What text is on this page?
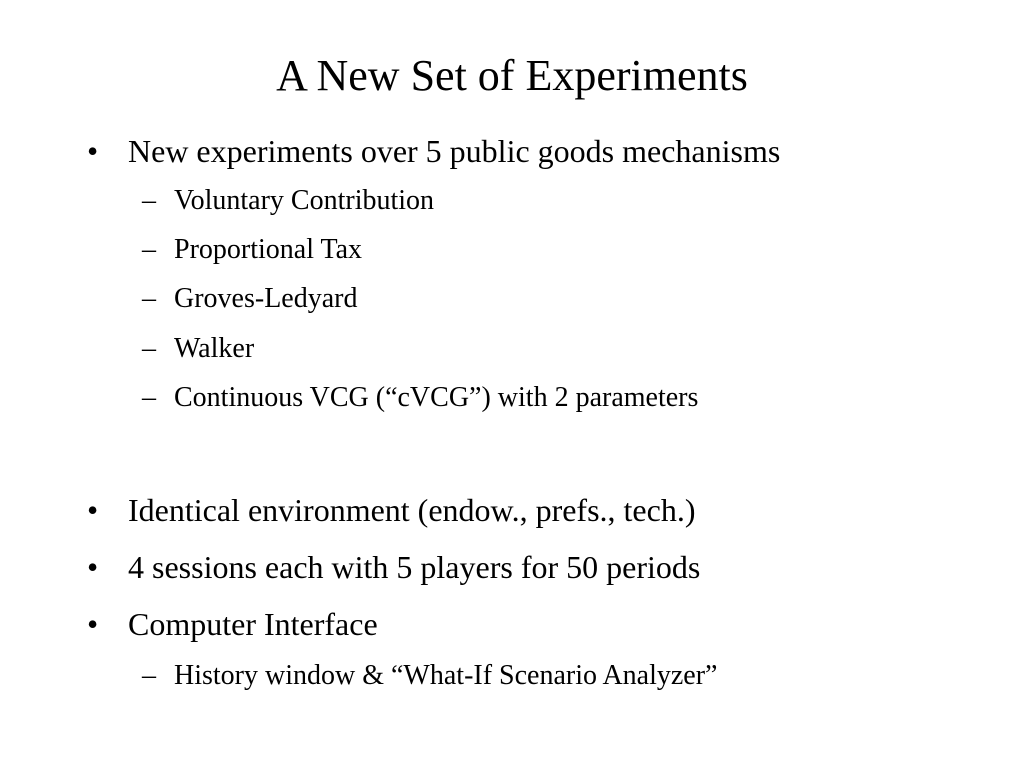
A New Set of Experiments
• New experiments over 5 public goods mechanisms
– Voluntary Contribution
– Proportional Tax
– Groves-Ledyard
– Walker
– Continuous VCG (“cVCG”) with 2 parameters
• Identical environment (endow., prefs., tech.)
• 4 sessions each with 5 players for 50 periods
• Computer Interface
– History window & “What-If Scenario Analyzer”
